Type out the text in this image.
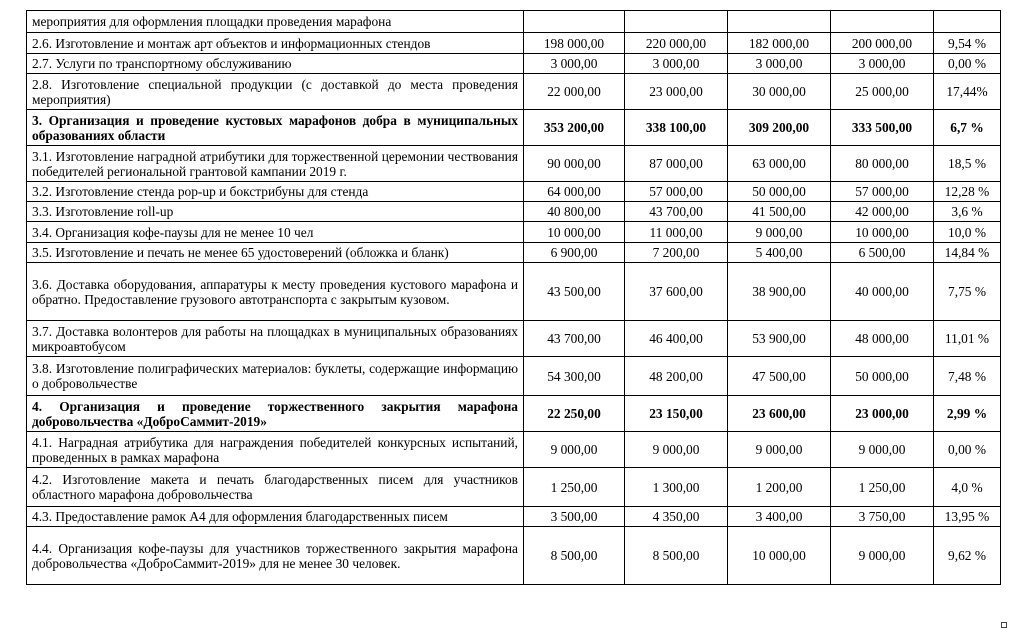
мероприятия для оформления площадки проведения марафона					
2.6. Изготовление и монтаж арт объектов и информационных стендов	198 000,00	220 000,00	182 000,00	200 000,00	9,54 %
2.7. Услуги по транспортному обслуживанию	3 000,00	3 000,00	3 000,00	3 000,00	0,00 %
2.8. Изготовление специальной продукции (с доставкой до места проведения мероприятия)	22 000,00	23 000,00	30 000,00	25 000,00	17,44%
3. Организация и проведение кустовых марафонов добра в муниципальных образованиях области	353 200,00	338 100,00	309 200,00	333 500,00	6,7 %
3.1. Изготовление наградной атрибутики для торжественной церемонии чествования победителей региональной грантовой кампании 2019 г.	90 000,00	87 000,00	63 000,00	80 000,00	18,5 %
3.2. Изготовление стенда pop-up и бокстрибуны для стенда	64 000,00	57 000,00	50 000,00	57 000,00	12,28 %
3.3. Изготовление roll-up	40 800,00	43 700,00	41 500,00	42 000,00	3,6 %
3.4. Организация кофе-паузы для не менее 10 чел	10 000,00	11 000,00	9 000,00	10 000,00	10,0 %
3.5. Изготовление и печать не менее 65 удостоверений (обложка и бланк)	6 900,00	7 200,00	5 400,00	6 500,00	14,84 %
3.6. Доставка оборудования, аппаратуры к месту проведения кустового марафона и обратно. Предоставление грузового автотранспорта с закрытым кузовом.	43 500,00	37 600,00	38 900,00	40 000,00	7,75 %
3.7. Доставка волонтеров для работы на площадках в муниципальных образованиях микроавтобусом	43 700,00	46 400,00	53 900,00	48 000,00	11,01 %
3.8. Изготовление полиграфических материалов: буклеты, содержащие информацию о добровольчестве	54 300,00	48 200,00	47 500,00	50 000,00	7,48 %
4. Организация и проведение торжественного закрытия марафона добровольчества «ДоброСаммит-2019»	22 250,00	23 150,00	23 600,00	23 000,00	2,99 %
4.1. Наградная атрибутика для награждения победителей конкурсных испытаний, проведенных в рамках марафона	9 000,00	9 000,00	9 000,00	9 000,00	0,00 %
4.2. Изготовление макета и печать благодарственных писем для участников областного марафона добровольчества	1 250,00	1 300,00	1 200,00	1 250,00	4,0 %
4.3. Предоставление рамок А4 для оформления благодарственных писем	3 500,00	4 350,00	3 400,00	3 750,00	13,95 %
4.4. Организация кофе-паузы для участников торжественного закрытия марафона добровольчества «ДоброСаммит-2019» для не менее 30 человек.	8 500,00	8 500,00	10 000,00	9 000,00	9,62 %
